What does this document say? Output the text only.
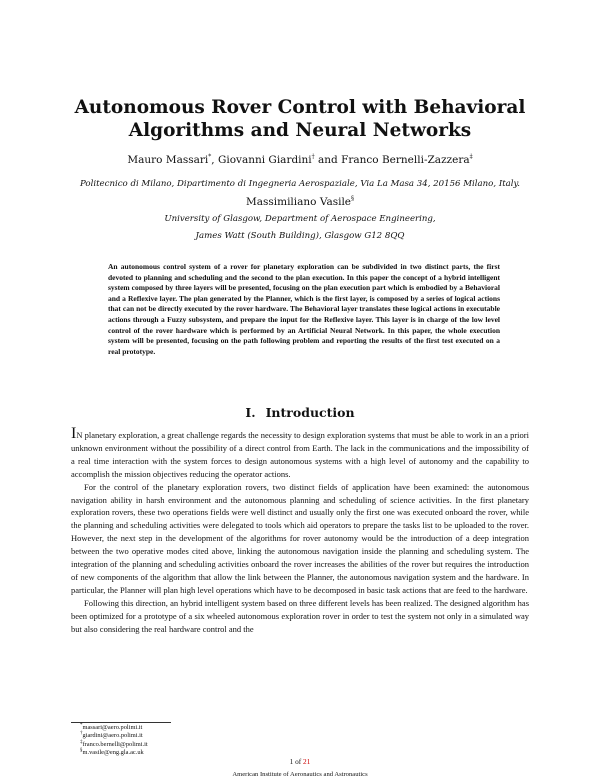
Autonomous Rover Control with Behavioral
Algorithms and Neural Networks
Mauro Massari*, Giovanni Giardini† and Franco Bernelli-Zazzera‡
Politecnico di Milano, Dipartimento di Ingegneria Aerospaziale, Via La Masa 34, 20156 Milano, Italy.
Massimiliano Vasile§
University of Glasgow, Department of Aerospace Engineering,
James Watt (South Building), Glasgow G12 8QQ
An autonomous control system of a rover for planetary exploration can be subdivided in two distinct parts, the first devoted to planning and scheduling and the second to the plan execution. In this paper the concept of a hybrid intelligent system composed by three layers will be presented, focusing on the plan execution part which is embodied by a Behavioral and a Reflexive layer. The plan generated by the Planner, which is the first layer, is composed by a series of logical actions that can not be directly executed by the rover hardware. The Behavioral layer translates these logical actions in executable actions through a Fuzzy subsystem, and prepare the input for the Reflexive layer. This layer is in charge of the low level control of the rover hardware which is performed by an Artificial Neural Network. In this paper, the whole execution system will be presented, focusing on the path following problem and reporting the results of the first test executed on a real prototype.
I. Introduction

IN planetary exploration, a great challenge regards the necessity to design exploration systems that must be able to work in an a priori unknown environment without the possibility of a direct control from Earth. The lack in the communications and the impossibility of a real time interaction with the system forces to design autonomous systems with a high level of autonomy and the capability to accomplish the mission objectives reducing the operator actions.

For the control of the planetary exploration rovers, two distinct fields of application have been examined: the autonomous navigation ability in harsh environment and the autonomous planning and scheduling of science activities. In the first planetary exploration rovers, these two operations fields were well distinct and usually only the first one was executed onboard the rover, while the planning and scheduling activities were delegated to tools which aid operators to prepare the tasks list to be uploaded to the rover. However, the next step in the development of the algorithms for rover autonomy would be the introduction of a deep integration between the two operative modes cited above, linking the autonomous navigation inside the planning and scheduling system. The integration of the planning and scheduling activities onboard the rover increases the abilities of the rover but requires the introduction of new components of the algorithm that allow the link between the Planner, the autonomous navigation system and the hardware. In particular, the Planner will plan high level operations which have to be decomposed in basic task actions that are feed to the hardware.

Following this direction, an hybrid intelligent system based on three different levels has been realized. The designed algorithm has been optimized for a prototype of a six wheeled autonomous exploration rover in order to test the system not only in a simulated way but also considering the real hardware control and the

*massari@aero.polimi.it
†giardini@aero.polimi.it
‡franco.bernelli@polimi.it
§m.vasile@eng.gla.ac.uk
1 of 21
American Institute of Aeronautics and Astronautics
